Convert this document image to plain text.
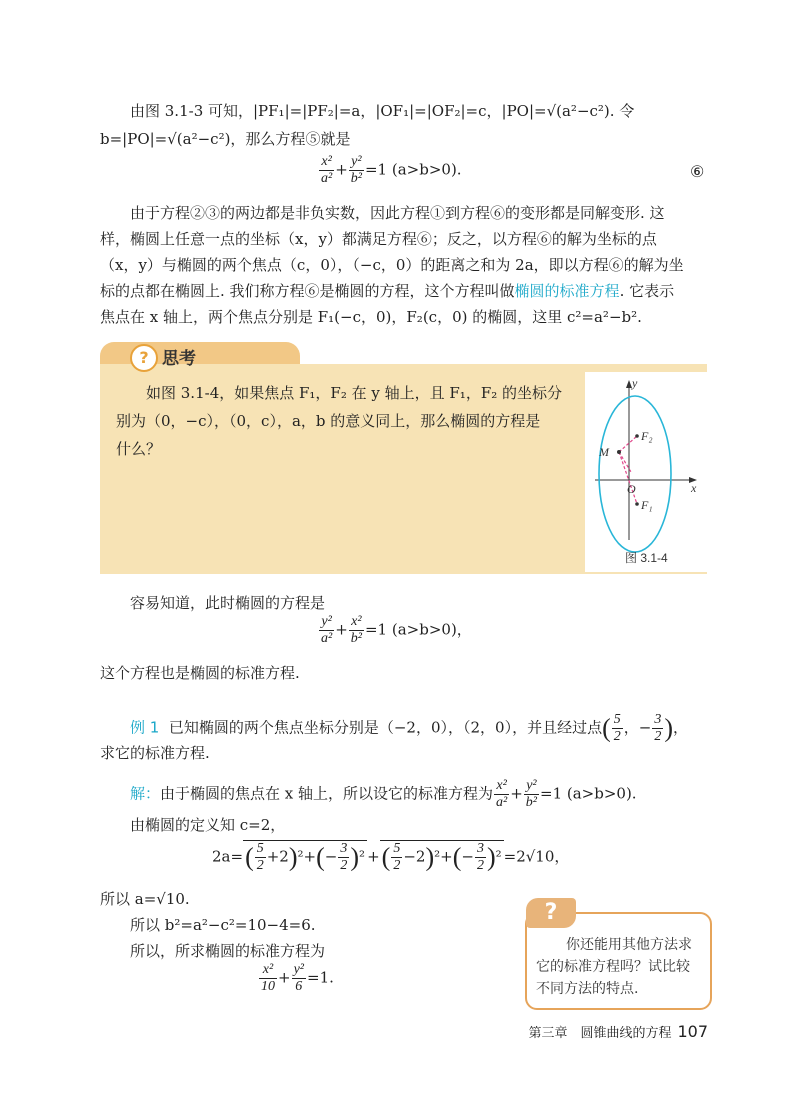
由图 3.1-3 可知，|PF₁|=|PF₂|=a，|OF₁|=|OF₂|=c，|PO|=√(a²−c²). 令
b=|PO|=√(a²−c²)，那么方程⑤就是
$\frac{\text{x²}}{\text{a²}} + \frac{\text{y²}}{\text{b²}} =1$ (a>b>0).	⑥
由于方程②③的两边都是非负实数，因此方程①到方程⑥的变形都是同解变形. 这
样，椭圆上任意一点的坐标（x，y）都满足方程⑥；反之，以方程⑥的解为坐标的点
（x，y）与椭圆的两个焦点（c，0），（−c，0）的距离之和为 2a，即以方程⑥的解为坐
标的点都在椭圆上. 我们称方程⑥是椭圆的方程，这个方程叫做椭圆的标准方程. 它表示
焦点在 x 轴上，两个焦点分别是 F₁(−c，0)，F₂(c，0) 的椭圆，这里 c²=a²−b².
? 思考
如图 3.1-4，如果焦点 F₁，F₂ 在 y 轴上，且 F₁，F₂ 的坐标分
别为（0，−c），（0，c），a，b 的意义同上，那么椭圆的方程是
什么？
y
x
O
M
F₂
F₁
图 3.1-4
容易知道，此时椭圆的方程是
$\frac{\text{y²}}{\text{a²}} + \frac{\text{x²}}{\text{b²}} =1$ (a>b>0)，
这个方程也是椭圆的标准方程.
例 1 已知椭圆的两个焦点坐标分别是（−2，0），（2，0），并且经过点( $\frac{5}{2}$ ，− $\frac{3}{2}$ )，
求它的标准方程.
解：由于椭圆的焦点在 x 轴上，所以设它的标准方程为 $\frac{\text{x²}}{\text{a²}} + \frac{\text{y²}}{\text{b²}} =1$ (a>b>0).
由椭圆的定义知 c=2，
$2a=( \frac{5}{2} +2)^2+(- \frac{3}{2} )^2$ +( $\frac{5}{2} -2)^2+(- \frac{3}{2} )^2 =2√10$，
所以 a=√10.
所以 b²=a²−c²=10−4=6.
所以，所求椭圆的标准方程为
$\frac{\text{x²}}{10} + \frac{\text{y²}}{6} =1$.
?
你还能用其他方法求
它的标准方程吗？试比较
不同方法的特点.
第三章　圆锥曲线的方程 107
